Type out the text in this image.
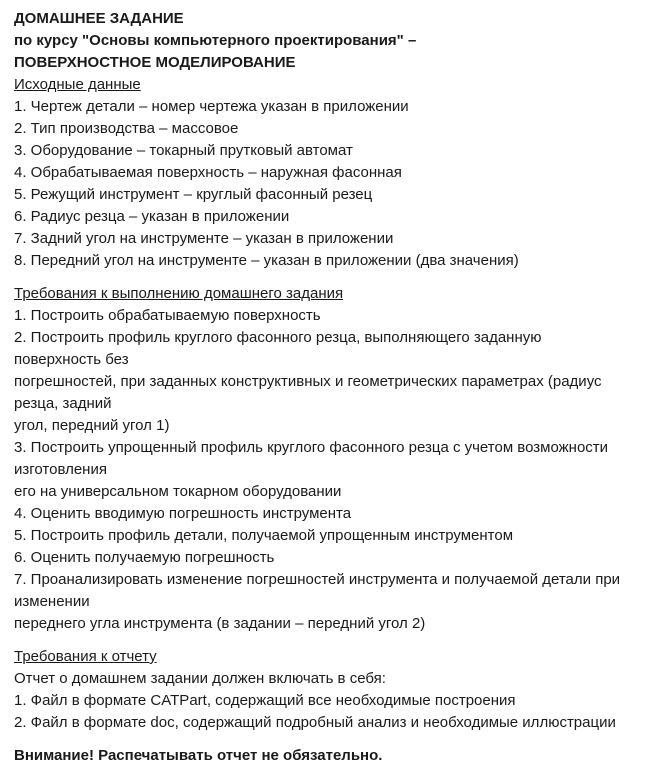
ДОМАШНЕЕ ЗАДАНИЕ
по курсу "Основы компьютерного проектирования" –
ПОВЕРХНОСТНОЕ МОДЕЛИРОВАНИЕ
Исходные данные
1. Чертеж детали – номер чертежа указан в приложении
2. Тип производства – массовое
3. Оборудование – токарный прутковый автомат
4. Обрабатываемая поверхность – наружная фасонная
5. Режущий инструмент – круглый фасонный резец
6. Радиус резца – указан в приложении
7. Задний угол на инструменте – указан в приложении
8. Передний угол на инструменте – указан в приложении (два значения)
Требования к выполнению домашнего задания
1. Построить обрабатываемую поверхность
2. Построить профиль круглого фасонного резца, выполняющего заданную
поверхность без
погрешностей, при заданных конструктивных и геометрических параметрах (радиус
резца, задний
угол, передний угол 1)
3. Построить упрощенный профиль круглого фасонного резца с учетом возможности
изготовления
его на универсальном токарном оборудовании
4. Оценить вводимую погрешность инструмента
5. Построить профиль детали, получаемой упрощенным инструментом
6. Оценить получаемую погрешность
7. Проанализировать изменение погрешностей инструмента и получаемой детали при
изменении
переднего угла инструмента (в задании – передний угол 2)
Требования к отчету
Отчет о домашнем задании должен включать в себя:
1. Файл в формате CATPart, содержащий все необходимые построения
2. Файл в формате doc, содержащий подробный анализ и необходимые иллюстрации
Внимание! Распечатывать отчет не обязательно.
